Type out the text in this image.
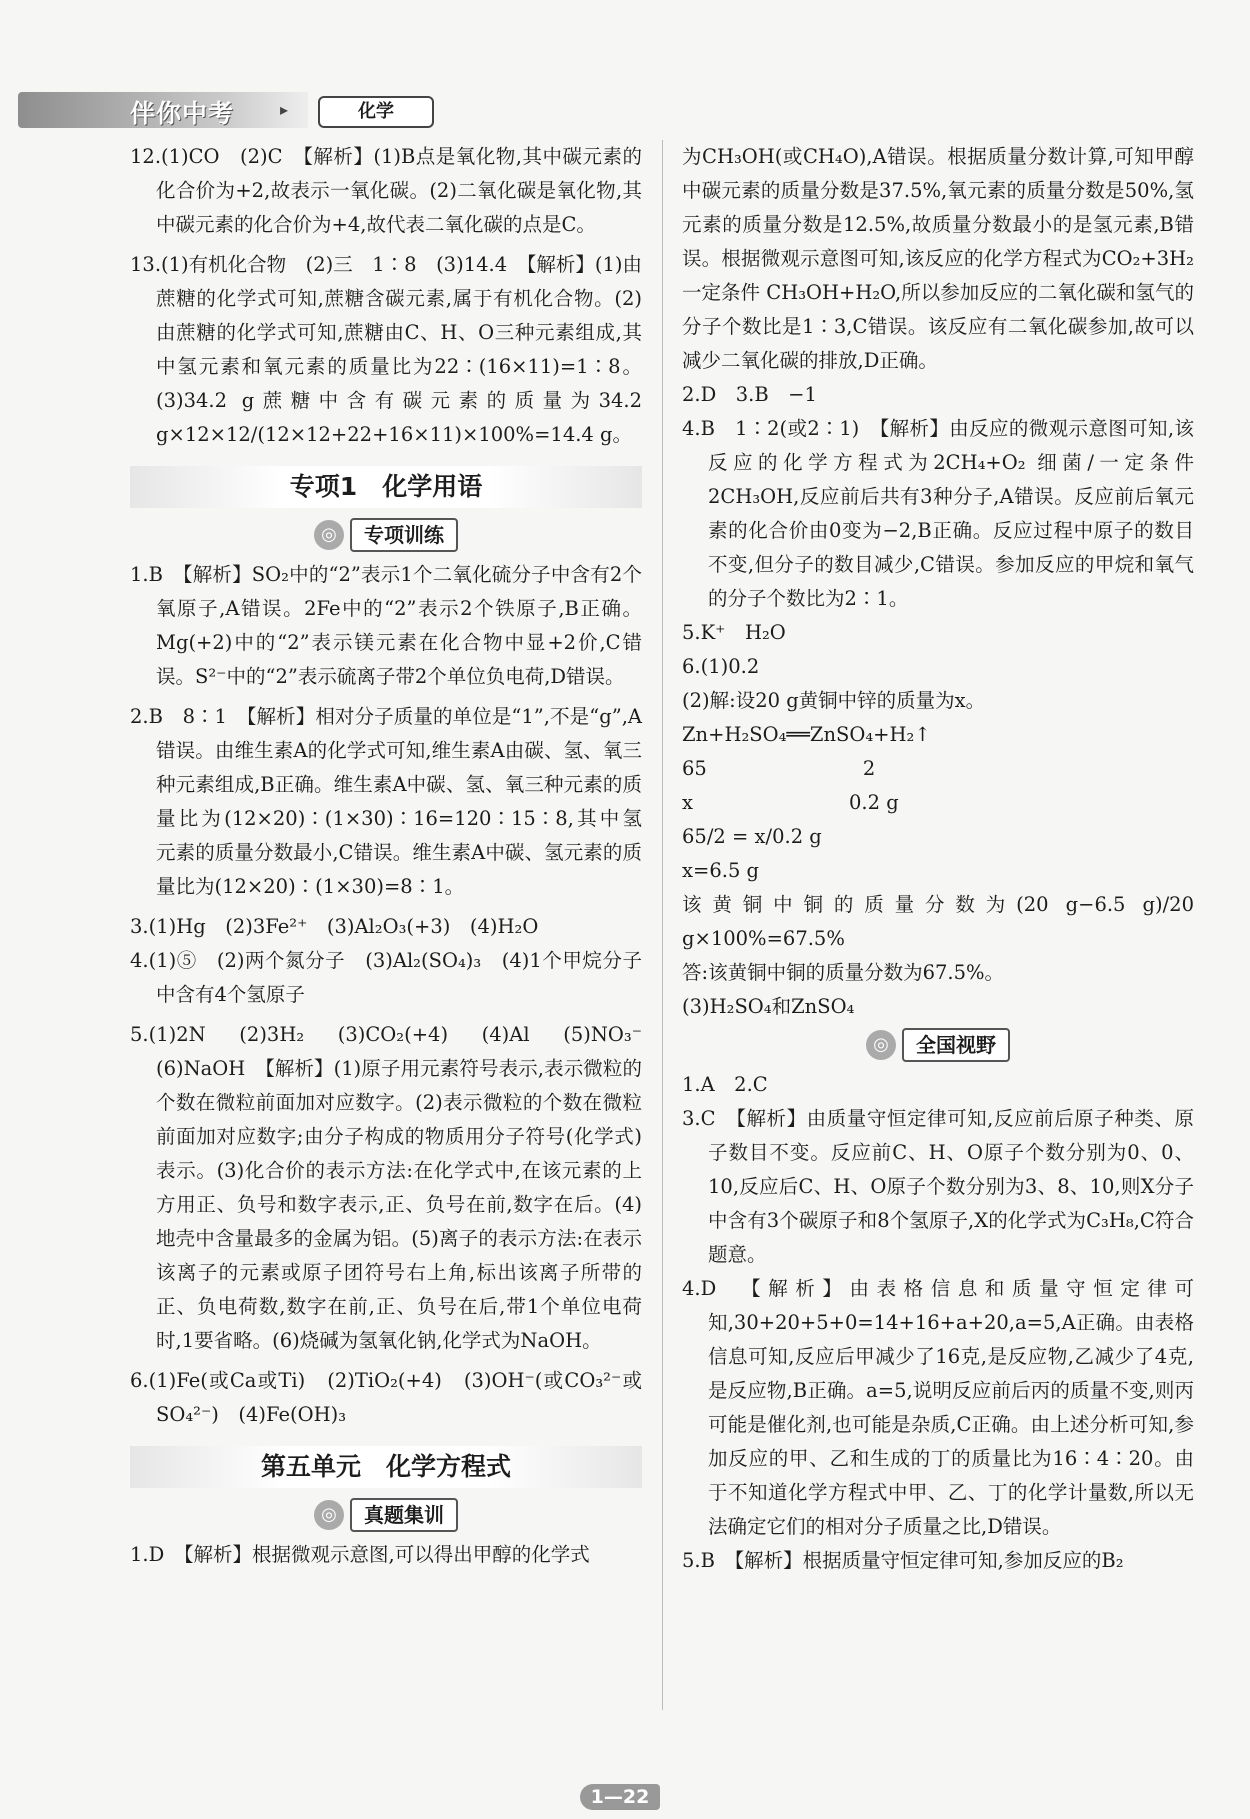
伴你中考	▸	化学

12.(1)CO　(2)C　【解析】(1)B点是氧化物,其中碳元素的化合价为+2,故表示一氧化碳。(2)二氧化碳是氧化物,其中碳元素的化合价为+4,故代表二氧化碳的点是C。

13.(1)有机化合物　(2)三　1∶8　(3)14.4　【解析】(1)由蔗糖的化学式可知,蔗糖含碳元素,属于有机化合物。(2)由蔗糖的化学式可知,蔗糖由C、H、O三种元素组成,其中氢元素和氧元素的质量比为22∶(16×11)=1∶8。(3)34.2 g蔗糖中含有碳元素的质量为34.2 g×12×12/(12×12+22+16×11)×100%=14.4 g。

专项1　化学用语
◎	专项训练

1.B　【解析】SO₂中的“2”表示1个二氧化硫分子中含有2个氧原子,A错误。2Fe中的“2”表示2个铁原子,B正确。Mg(+2)中的“2”表示镁元素在化合物中显+2价,C错误。S²⁻中的“2”表示硫离子带2个单位负电荷,D错误。

2.B　8∶1　【解析】相对分子质量的单位是“1”,不是“g”,A错误。由维生素A的化学式可知,维生素A由碳、氢、氧三种元素组成,B正确。维生素A中碳、氢、氧三种元素的质量比为(12×20)∶(1×30)∶16=120∶15∶8,其中氢元素的质量分数最小,C错误。维生素A中碳、氢元素的质量比为(12×20)∶(1×30)=8∶1。

3.(1)Hg　(2)3Fe²⁺　(3)Al₂O₃(+3)　(4)H₂O

4.(1)⑤　(2)两个氮分子　(3)Al₂(SO₄)₃　(4)1个甲烷分子中含有4个氢原子

5.(1)2N　(2)3H₂　(3)CO₂(+4)　(4)Al　(5)NO₃⁻　(6)NaOH　【解析】(1)原子用元素符号表示,表示微粒的个数在微粒前面加对应数字。(2)表示微粒的个数在微粒前面加对应数字;由分子构成的物质用分子符号(化学式)表示。(3)化合价的表示方法:在化学式中,在该元素的上方用正、负号和数字表示,正、负号在前,数字在后。(4)地壳中含量最多的金属为铝。(5)离子的表示方法:在表示该离子的元素或原子团符号右上角,标出该离子所带的正、负电荷数,数字在前,正、负号在后,带1个单位电荷时,1要省略。(6)烧碱为氢氧化钠,化学式为NaOH。

6.(1)Fe(或Ca或Ti)　(2)TiO₂(+4)　(3)OH⁻(或CO₃²⁻或SO₄²⁻)　(4)Fe(OH)₃

第五单元　化学方程式
◎	真题集训

1.D　【解析】根据微观示意图,可以得出甲醇的化学式

为CH₃OH(或CH₄O),A错误。根据质量分数计算,可知甲醇中碳元素的质量分数是37.5%,氧元素的质量分数是50%,氢元素的质量分数是12.5%,故质量分数最小的是氢元素,B错误。根据微观示意图可知,该反应的化学方程式为CO₂+3H₂ 一定条件 CH₃OH+H₂O,所以参加反应的二氧化碳和氢气的分子个数比是1∶3,C错误。该反应有二氧化碳参加,故可以减少二氧化碳的排放,D正确。

2.D　3.B　−1

4.B　1∶2(或2∶1)　【解析】由反应的微观示意图可知,该反应的化学方程式为2CH₄+O₂ 细菌/一定条件 2CH₃OH,反应前后共有3种分子,A错误。反应前后氧元素的化合价由0变为−2,B正确。反应过程中原子的数目不变,但分子的数目减少,C错误。参加反应的甲烷和氧气的分子个数比为2∶1。

5.K⁺　H₂O

6.(1)0.2

(2)解:设20 g黄铜中锌的质量为x。

Zn+H₂SO₄══ZnSO₄+H₂↑

65　　　　　　　　2

x　　　　　　　　0.2 g

65/2 = x/0.2 g

x=6.5 g

该黄铜中铜的质量分数为(20 g−6.5 g)/20 g×100%=67.5%

答:该黄铜中铜的质量分数为67.5%。

(3)H₂SO₄和ZnSO₄

◎	全国视野

1.A　2.C

3.C　【解析】由质量守恒定律可知,反应前后原子种类、原子数目不变。反应前C、H、O原子个数分别为0、0、10,反应后C、H、O原子个数分别为3、8、10,则X分子中含有3个碳原子和8个氢原子,X的化学式为C₃H₈,C符合题意。

4.D　【解析】由表格信息和质量守恒定律可知,30+20+5+0=14+16+a+20,a=5,A正确。由表格信息可知,反应后甲减少了16克,是反应物,乙减少了4克,是反应物,B正确。a=5,说明反应前后丙的质量不变,则丙可能是催化剂,也可能是杂质,C正确。由上述分析可知,参加反应的甲、乙和生成的丁的质量比为16∶4∶20。由于不知道化学方程式中甲、乙、丁的化学计量数,所以无法确定它们的相对分子质量之比,D错误。

5.B　【解析】根据质量守恒定律可知,参加反应的B₂

1—22
